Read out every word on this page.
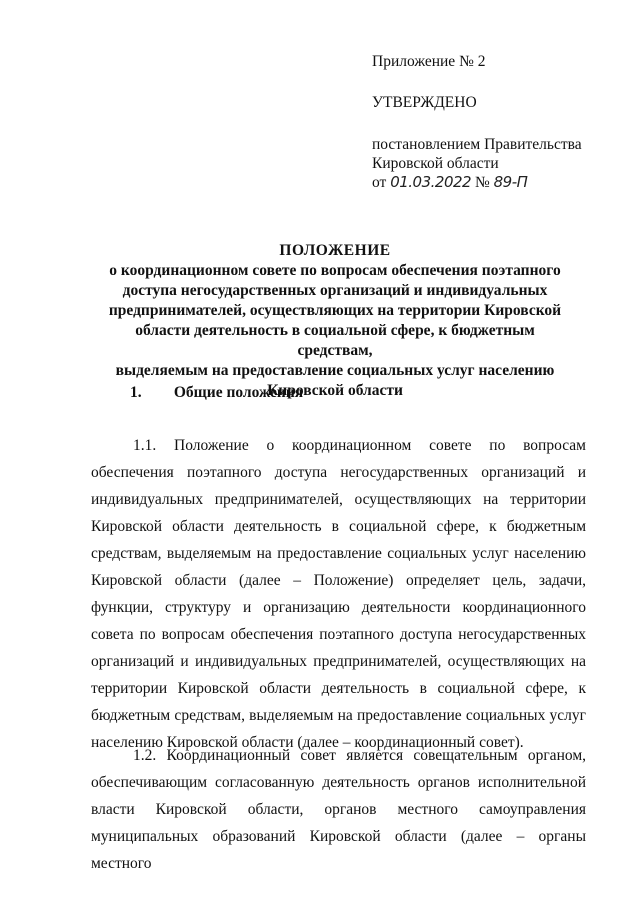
Приложение № 2
УТВЕРЖДЕНО
постановлением Правительства
Кировской области
от 01.03.2022 № 89-П
ПОЛОЖЕНИЕ
о координационном совете по вопросам обеспечения поэтапного
доступа негосударственных организаций и индивидуальных
предпринимателей, осуществляющих на территории Кировской
области деятельность в социальной сфере, к бюджетным средствам,
выделяемым на предоставление социальных услуг населению
Кировской области
1. Общие положения

1.1. Положение о координационном совете по вопросам обеспечения поэтапного доступа негосударственных организаций и индивидуальных предпринимателей, осуществляющих на территории Кировской области деятельность в социальной сфере, к бюджетным средствам, выделяемым на предоставление социальных услуг населению Кировской области (далее – Положение) определяет цель, задачи, функции, структуру и организацию деятельности координационного совета по вопросам обеспечения поэтапного доступа негосударственных организаций и индивидуальных предпринимателей, осуществляющих на территории Кировской области деятельность в социальной сфере, к бюджетным средствам, выделяемым на предоставление социальных услуг населению Кировской области (далее – координационный совет).

1.2. Координационный совет является совещательным органом, обеспечивающим согласованную деятельность органов исполнительной власти Кировской области, органов местного самоуправления муниципальных образований Кировской области (далее – органы местного
